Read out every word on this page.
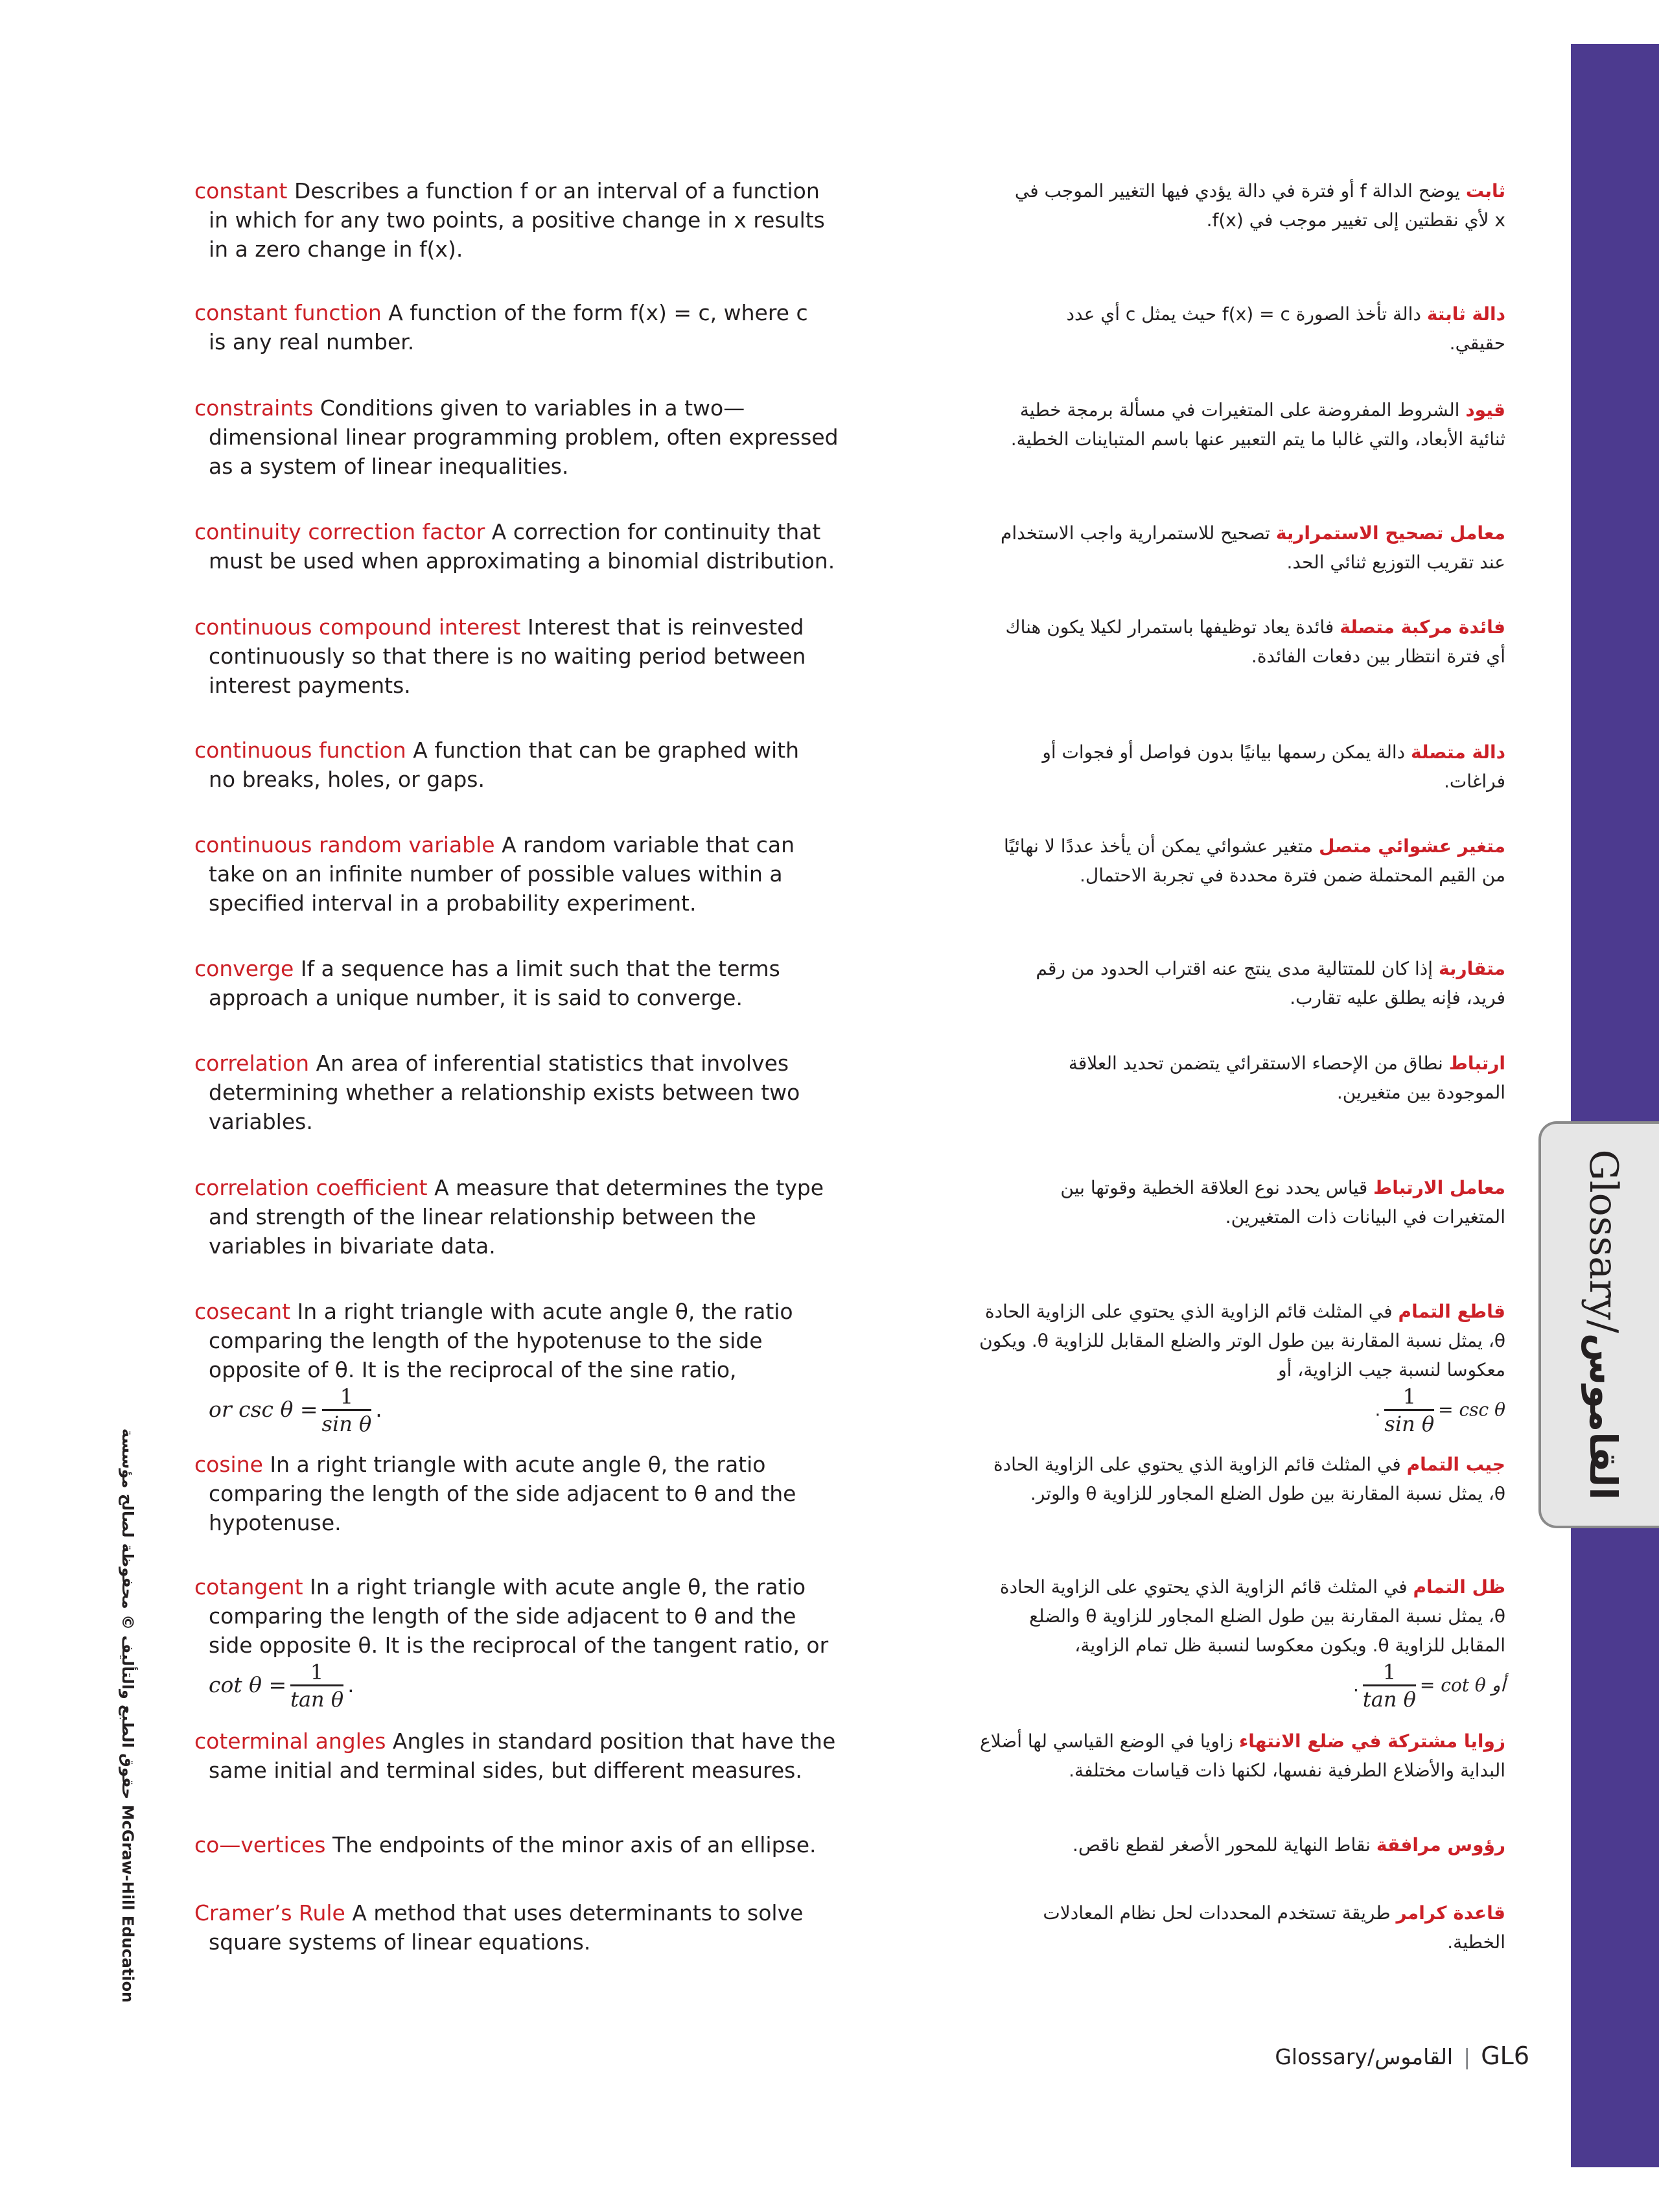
Glossary/القاموس
حقوق الطبع والتأليف © محفوظة لصالح مؤسسة McGraw-Hill Education
constant Describes a function f or an interval of a function
in which for any two points, a positive change in x results
in a zero change in f(x).
ثابت يوضح الدالة f أو فترة في دالة يؤدي فيها التغيير الموجب في
x لأي نقطتين إلى تغيير موجب في f(x).
constant function A function of the form f(x) = c, where c
is any real number.
دالة ثابتة دالة تأخذ الصورة f(x) = c حيث يمثل c أي عدد
حقيقي.
constraints Conditions given to variables in a two—
dimensional linear programming problem, often expressed
as a system of linear inequalities.
قيود الشروط المفروضة على المتغيرات في مسألة برمجة خطية
ثنائية الأبعاد، والتي غالبا ما يتم التعبير عنها باسم المتباينات الخطية.
continuity correction factor A correction for continuity that
must be used when approximating a binomial distribution.
معامل تصحيح الاستمرارية تصحيح للاستمرارية واجب الاستخدام
عند تقريب التوزيع ثنائي الحد.
continuous compound interest Interest that is reinvested
continuously so that there is no waiting period between
interest payments.
فائدة مركبة متصلة فائدة يعاد توظيفها باستمرار لكيلا يكون هناك
أي فترة انتظار بين دفعات الفائدة.
continuous function A function that can be graphed with
no breaks, holes, or gaps.
دالة متصلة دالة يمكن رسمها بيانيًا بدون فواصل أو فجوات أو
فراغات.
continuous random variable A random variable that can
take on an infinite number of possible values within a
specified interval in a probability experiment.
متغير عشوائي متصل متغير عشوائي يمكن أن يأخذ عددًا لا نهائيًا
من القيم المحتملة ضمن فترة محددة في تجربة الاحتمال.
converge If a sequence has a limit such that the terms
approach a unique number, it is said to converge.
متقاربة إذا كان للمتتالية مدى ينتج عنه اقتراب الحدود من رقم
فريد، فإنه يطلق عليه تقارب.
correlation An area of inferential statistics that involves
determining whether a relationship exists between two
variables.
ارتباط نطاق من الإحصاء الاستقرائي يتضمن تحديد العلاقة
الموجودة بين متغيرين.
correlation coefficient A measure that determines the type
and strength of the linear relationship between the
variables in bivariate data.
معامل الارتباط قياس يحدد نوع العلاقة الخطية وقوتها بين
المتغيرات في البيانات ذات المتغيرين.
cosecant In a right triangle with acute angle θ, the ratio
comparing the length of the hypotenuse to the side
opposite of θ. It is the reciprocal of the sine ratio,
or $\csc \theta = \frac{1}{\text{sin θ}}$ .
قاطع التمام في المثلث قائم الزاوية الذي يحتوي على الزاوية الحادة
θ، يمثل نسبة المقارنة بين طول الوتر والضلع المقابل للزاوية θ. ويكون
معكوسا لنسبة جيب الزاوية، أو
csc θ =
$\frac{1}{\text{sin θ}}$
.
cosine In a right triangle with acute angle θ, the ratio
comparing the length of the side adjacent to θ and the
hypotenuse.
جيب التمام في المثلث قائم الزاوية الذي يحتوي على الزاوية الحادة
θ، يمثل نسبة المقارنة بين طول الضلع المجاور للزاوية θ والوتر.
cotangent In a right triangle with acute angle θ, the ratio
comparing the length of the side adjacent to θ and the
side opposite θ. It is the reciprocal of the tangent ratio, or
$\cot \theta = \frac{1}{\text{tan θ}}$ .
ظل التمام في المثلث قائم الزاوية الذي يحتوي على الزاوية الحادة
θ، يمثل نسبة المقارنة بين طول الضلع المجاور للزاوية θ والضلع
المقابل للزاوية θ. ويكون معكوسا لنسبة ظل تمام الزاوية،
أو cot θ =
$\frac{1}{\text{tan θ}}$
.
coterminal angles Angles in standard position that have the
same initial and terminal sides, but different measures.
زوايا مشتركة في ضلع الانتهاء زاويا في الوضع القياسي لها أضلاع
البداية والأضلاع الطرفية نفسها، لكنها ذات قياسات مختلفة.
co—vertices The endpoints of the minor axis of an ellipse.	رؤوس مرافقة نقاط النهاية للمحور الأصغر لقطع ناقص.
Cramer’s Rule A method that uses determinants to solve
square systems of linear equations.
قاعدة كرامر طريقة تستخدم المحددات لحل نظام المعادلات
الخطية.
Glossary/القاموس | GL6
